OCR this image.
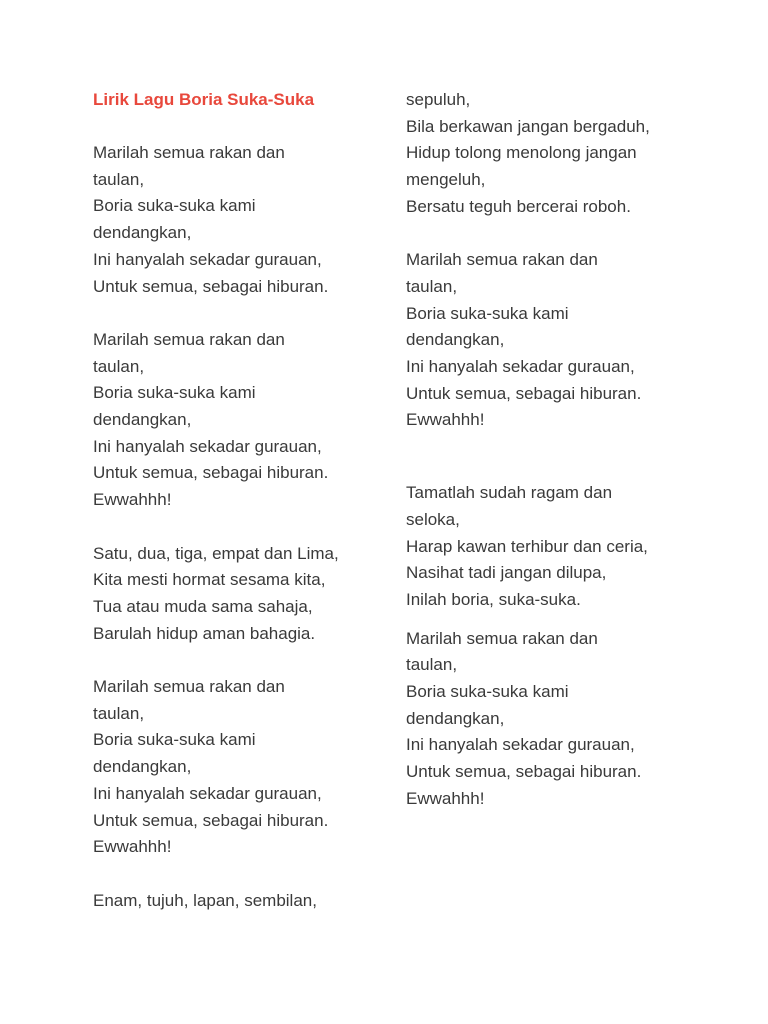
Lirik Lagu Boria Suka-Suka
Marilah semua rakan dan
taulan,
Boria suka-suka kami
dendangkan,
Ini hanyalah sekadar gurauan,
Untuk semua, sebagai hiburan.
Marilah semua rakan dan
taulan,
Boria suka-suka kami
dendangkan,
Ini hanyalah sekadar gurauan,
Untuk semua, sebagai hiburan.
Ewwahhh!
Satu, dua, tiga, empat dan Lima,
Kita mesti hormat sesama kita,
Tua atau muda sama sahaja,
Barulah hidup aman bahagia.
Marilah semua rakan dan
taulan,
Boria suka-suka kami
dendangkan,
Ini hanyalah sekadar gurauan,
Untuk semua, sebagai hiburan.
Ewwahhh!
Enam, tujuh, lapan, sembilan,
sepuluh,
Bila berkawan jangan bergaduh,
Hidup tolong menolong jangan
mengeluh,
Bersatu teguh bercerai roboh.
Marilah semua rakan dan
taulan,
Boria suka-suka kami
dendangkan,
Ini hanyalah sekadar gurauan,
Untuk semua, sebagai hiburan.
Ewwahhh!
Tamatlah sudah ragam dan
seloka,
Harap kawan terhibur dan ceria,
Nasihat tadi jangan dilupa,
Inilah boria, suka-suka.
Marilah semua rakan dan
taulan,
Boria suka-suka kami
dendangkan,
Ini hanyalah sekadar gurauan,
Untuk semua, sebagai hiburan.
Ewwahhh!
